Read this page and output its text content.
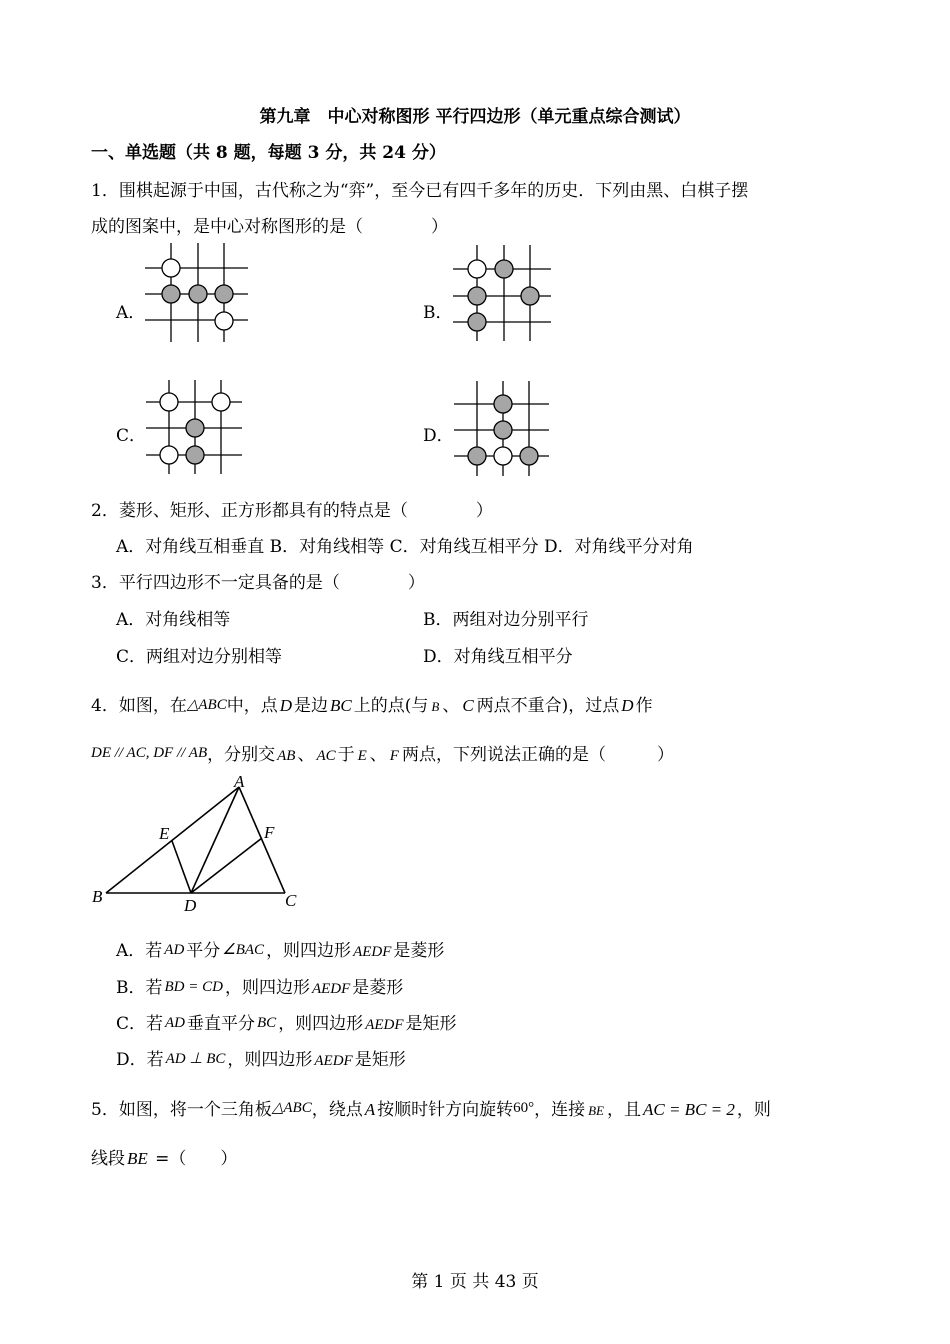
第九章　中心对称图形 平行四边形（单元重点综合测试）
一、单选题（共 8 题，每题 3 分，共 24 分）
1．围棋起源于中国，古代称之为“弈”，至今已有四千多年的历史．下列由黑、白棋子摆
成的图案中，是中心对称图形的是（　　　　）
A．	B．
C．	D．
2．菱形、矩形、正方形都具有的特点是（　　　　）
A．对角线互相垂直 B．对角线相等 C．对角线互相平分 D．对角线平分对角
3．平行四边形不一定具备的是（　　　　）
A．对角线相等	B．两组对边分别平行
C．两组对边分别相等	D．对角线互相平分
4．如图，在△ABC中，点 D 是边 BC 上的点(与 B 、 C 两点不重合)，过点 D 作
DE // AC, DF // AB，分别交 AB 、 AC 于 E 、 F 两点，下列说法正确的是（　　　）
A
E	F
B	D	C
A．若 AD 平分 ∠BAC ，则四边形 AEDF 是菱形
B．若 BD = CD ，则四边形 AEDF 是菱形
C．若 AD 垂直平分 BC ，则四边形 AEDF 是矩形
D．若 AD ⊥ BC ，则四边形 AEDF 是矩形
5．如图，将一个三角板△ABC，绕点 A 按顺时针方向旋转60°，连接 BE ，且 AC = BC = 2 ，则
线段 BE =（　　）
第 1 页 共 43 页
